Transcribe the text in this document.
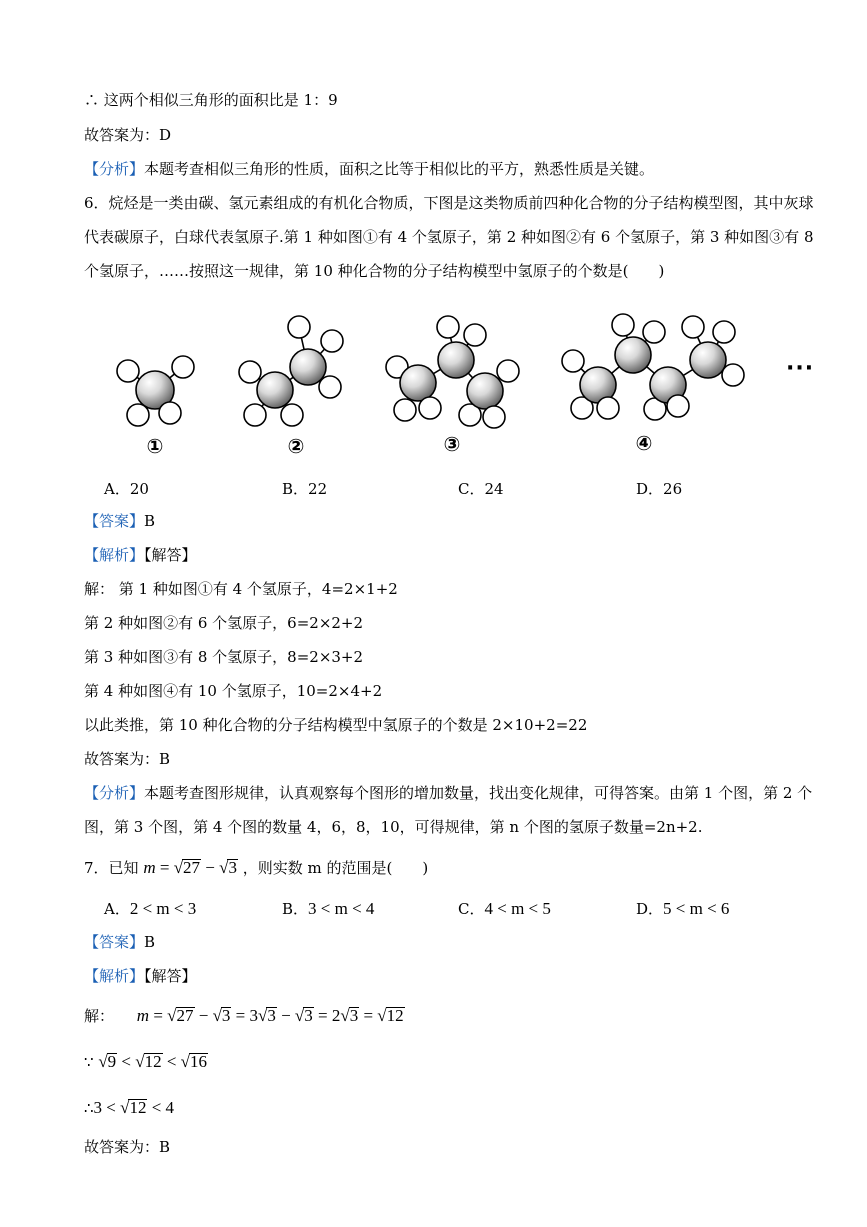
∴ 这两个相似三角形的面积比是 1：9
故答案为：D
【分析】本题考查相似三角形的性质，面积之比等于相似比的平方，熟悉性质是关键。
6．烷烃是一类由碳、氢元素组成的有机化合物质，下图是这类物质前四种化合物的分子结构模型图，其中灰球代表碳原子，白球代表氢原子.第 1 种如图①有 4 个氢原子，第 2 种如图②有 6 个氢原子，第 3 种如图③有 8 个氢原子，……按照这一规律，第 10 种化合物的分子结构模型中氢原子的个数是(　　)
①	②	③	④
···
A．20	B．22	C．24	D．26
【答案】B
【解析】【解答】
解： 第 1 种如图①有 4 个氢原子，4=2×1+2
第 2 种如图②有 6 个氢原子，6=2×2+2
第 3 种如图③有 8 个氢原子，8=2×3+2
第 4 种如图④有 10 个氢原子，10=2×4+2
以此类推，第 10 种化合物的分子结构模型中氢原子的个数是 2×10+2=22
故答案为：B
【分析】本题考查图形规律，认真观察每个图形的增加数量，找出变化规律，可得答案。由第 1 个图，第 2 个图，第 3 个图，第 4 个图的数量 4，6，8，10，可得规律，第 n 个图的氢原子数量=2n+2.
7．已知 m = √27 − √3 ，则实数 m 的范围是(　　)
A．2 < m < 3	B．3 < m < 4	C．4 < m < 5	D．5 < m < 6
【答案】B
【解析】【解答】
解： m = √27 − √3 = 3√3 − √3 = 2√3 = √12
∵ √9 < √12 < √16
∴3 < √12 < 4
故答案为：B
